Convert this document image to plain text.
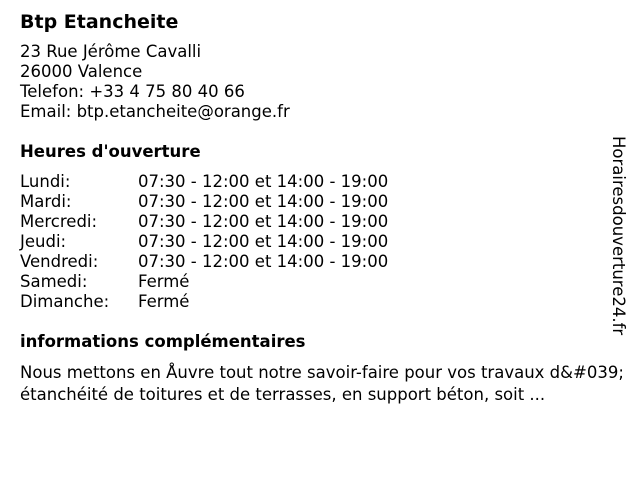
Btp Etancheite
23 Rue Jérôme Cavalli
26000 Valence
Telefon: +33 4 75 80 40 66
Email: btp.etancheite@orange.fr
Heures d'ouverture
Lundi:	07:30 - 12:00 et 14:00 - 19:00
Mardi:	07:30 - 12:00 et 14:00 - 19:00
Mercredi:	07:30 - 12:00 et 14:00 - 19:00
Jeudi:	07:30 - 12:00 et 14:00 - 19:00
Vendredi:	07:30 - 12:00 et 14:00 - 19:00
Samedi:	Fermé
Dimanche:	Fermé
informations complémentaires
Nous mettons en Åuvre tout notre savoir-faire pour vos travaux d&#039;étanchéité de toitures et de terrasses, en support béton, soit ...
Horairesdouverture24.fr
